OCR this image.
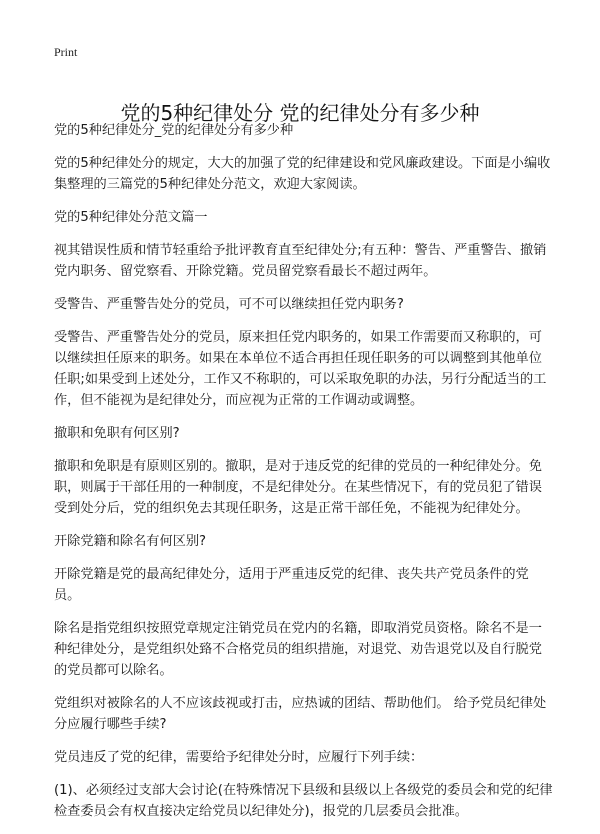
Print
党的5种纪律处分 党的纪律处分有多少种

党的5种纪律处分_党的纪律处分有多少种

党的5种纪律处分的规定，大大的加强了党的纪律建设和党风廉政建设。下面是小编收集整理的三篇党的5种纪律处分范文，欢迎大家阅读。

党的5种纪律处分范文篇一

视其错误性质和情节轻重给予批评教育直至纪律处分;有五种：警告、严重警告、撤销党内职务、留党察看、开除党籍。党员留党察看最长不超过两年。

受警告、严重警告处分的党员，可不可以继续担任党内职务?

受警告、严重警告处分的党员，原来担任党内职务的，如果工作需要而又称职的，可以继续担任原来的职务。如果在本单位不适合再担任现任职务的可以调整到其他单位任职;如果受到上述处分，工作又不称职的，可以采取免职的办法，另行分配适当的工作，但不能视为是纪律处分，而应视为正常的工作调动或调整。

撤职和免职有何区别?

撤职和免职是有原则区别的。撤职，是对于违反党的纪律的党员的一种纪律处分。免职，则属于干部任用的一种制度，不是纪律处分。在某些情况下，有的党员犯了错误受到处分后，党的组织免去其现任职务，这是正常干部任免，不能视为纪律处分。

开除党籍和除名有何区别?

开除党籍是党的最高纪律处分，适用于严重违反党的纪律、丧失共产党员条件的党员。

除名是指党组织按照党章规定注销党员在党内的名籍，即取消党员资格。除名不是一种纪律处分，是党组织处臵不合格党员的组织措施，对退党、劝告退党以及自行脱党的党员都可以除名。

党组织对被除名的人不应该歧视或打击，应热诚的团结、帮助他们。 给予党员纪律处分应履行哪些手续?

党员违反了党的纪律，需要给予纪律处分时，应履行下列手续：

(1)、必须经过支部大会讨论(在特殊情况下县级和县级以上各级党的委员会和党的纪律检查委员会有权直接决定给党员以纪律处分)，报党的几层委员会批准。
